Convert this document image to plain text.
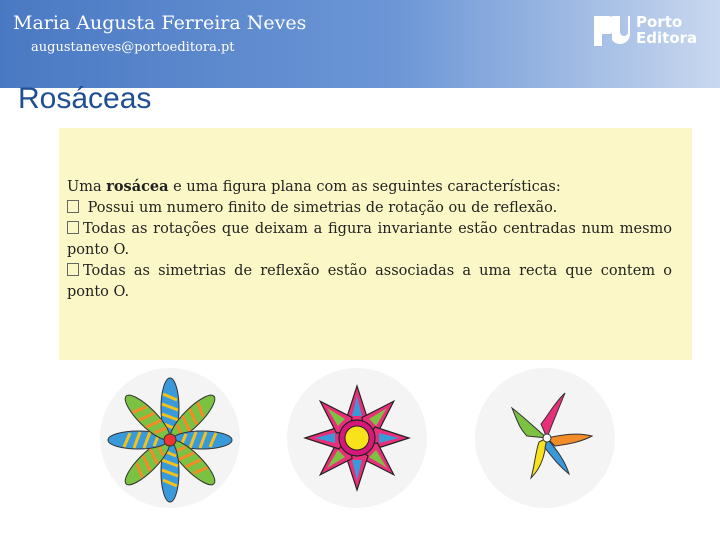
Maria Augusta Ferreira Neves
augustaneves@portoeditora.pt
Porto
Editora
Rosáceas

Uma rosácea e uma figura plana com as seguintes características:

Possui um numero finito de simetrias de rotação ou de reflexão.

Todas as rotações que deixam a figura invariante estão centradas num mesmo ponto O.

Todas as simetrias de reflexão estão associadas a uma recta que contem o ponto O.
